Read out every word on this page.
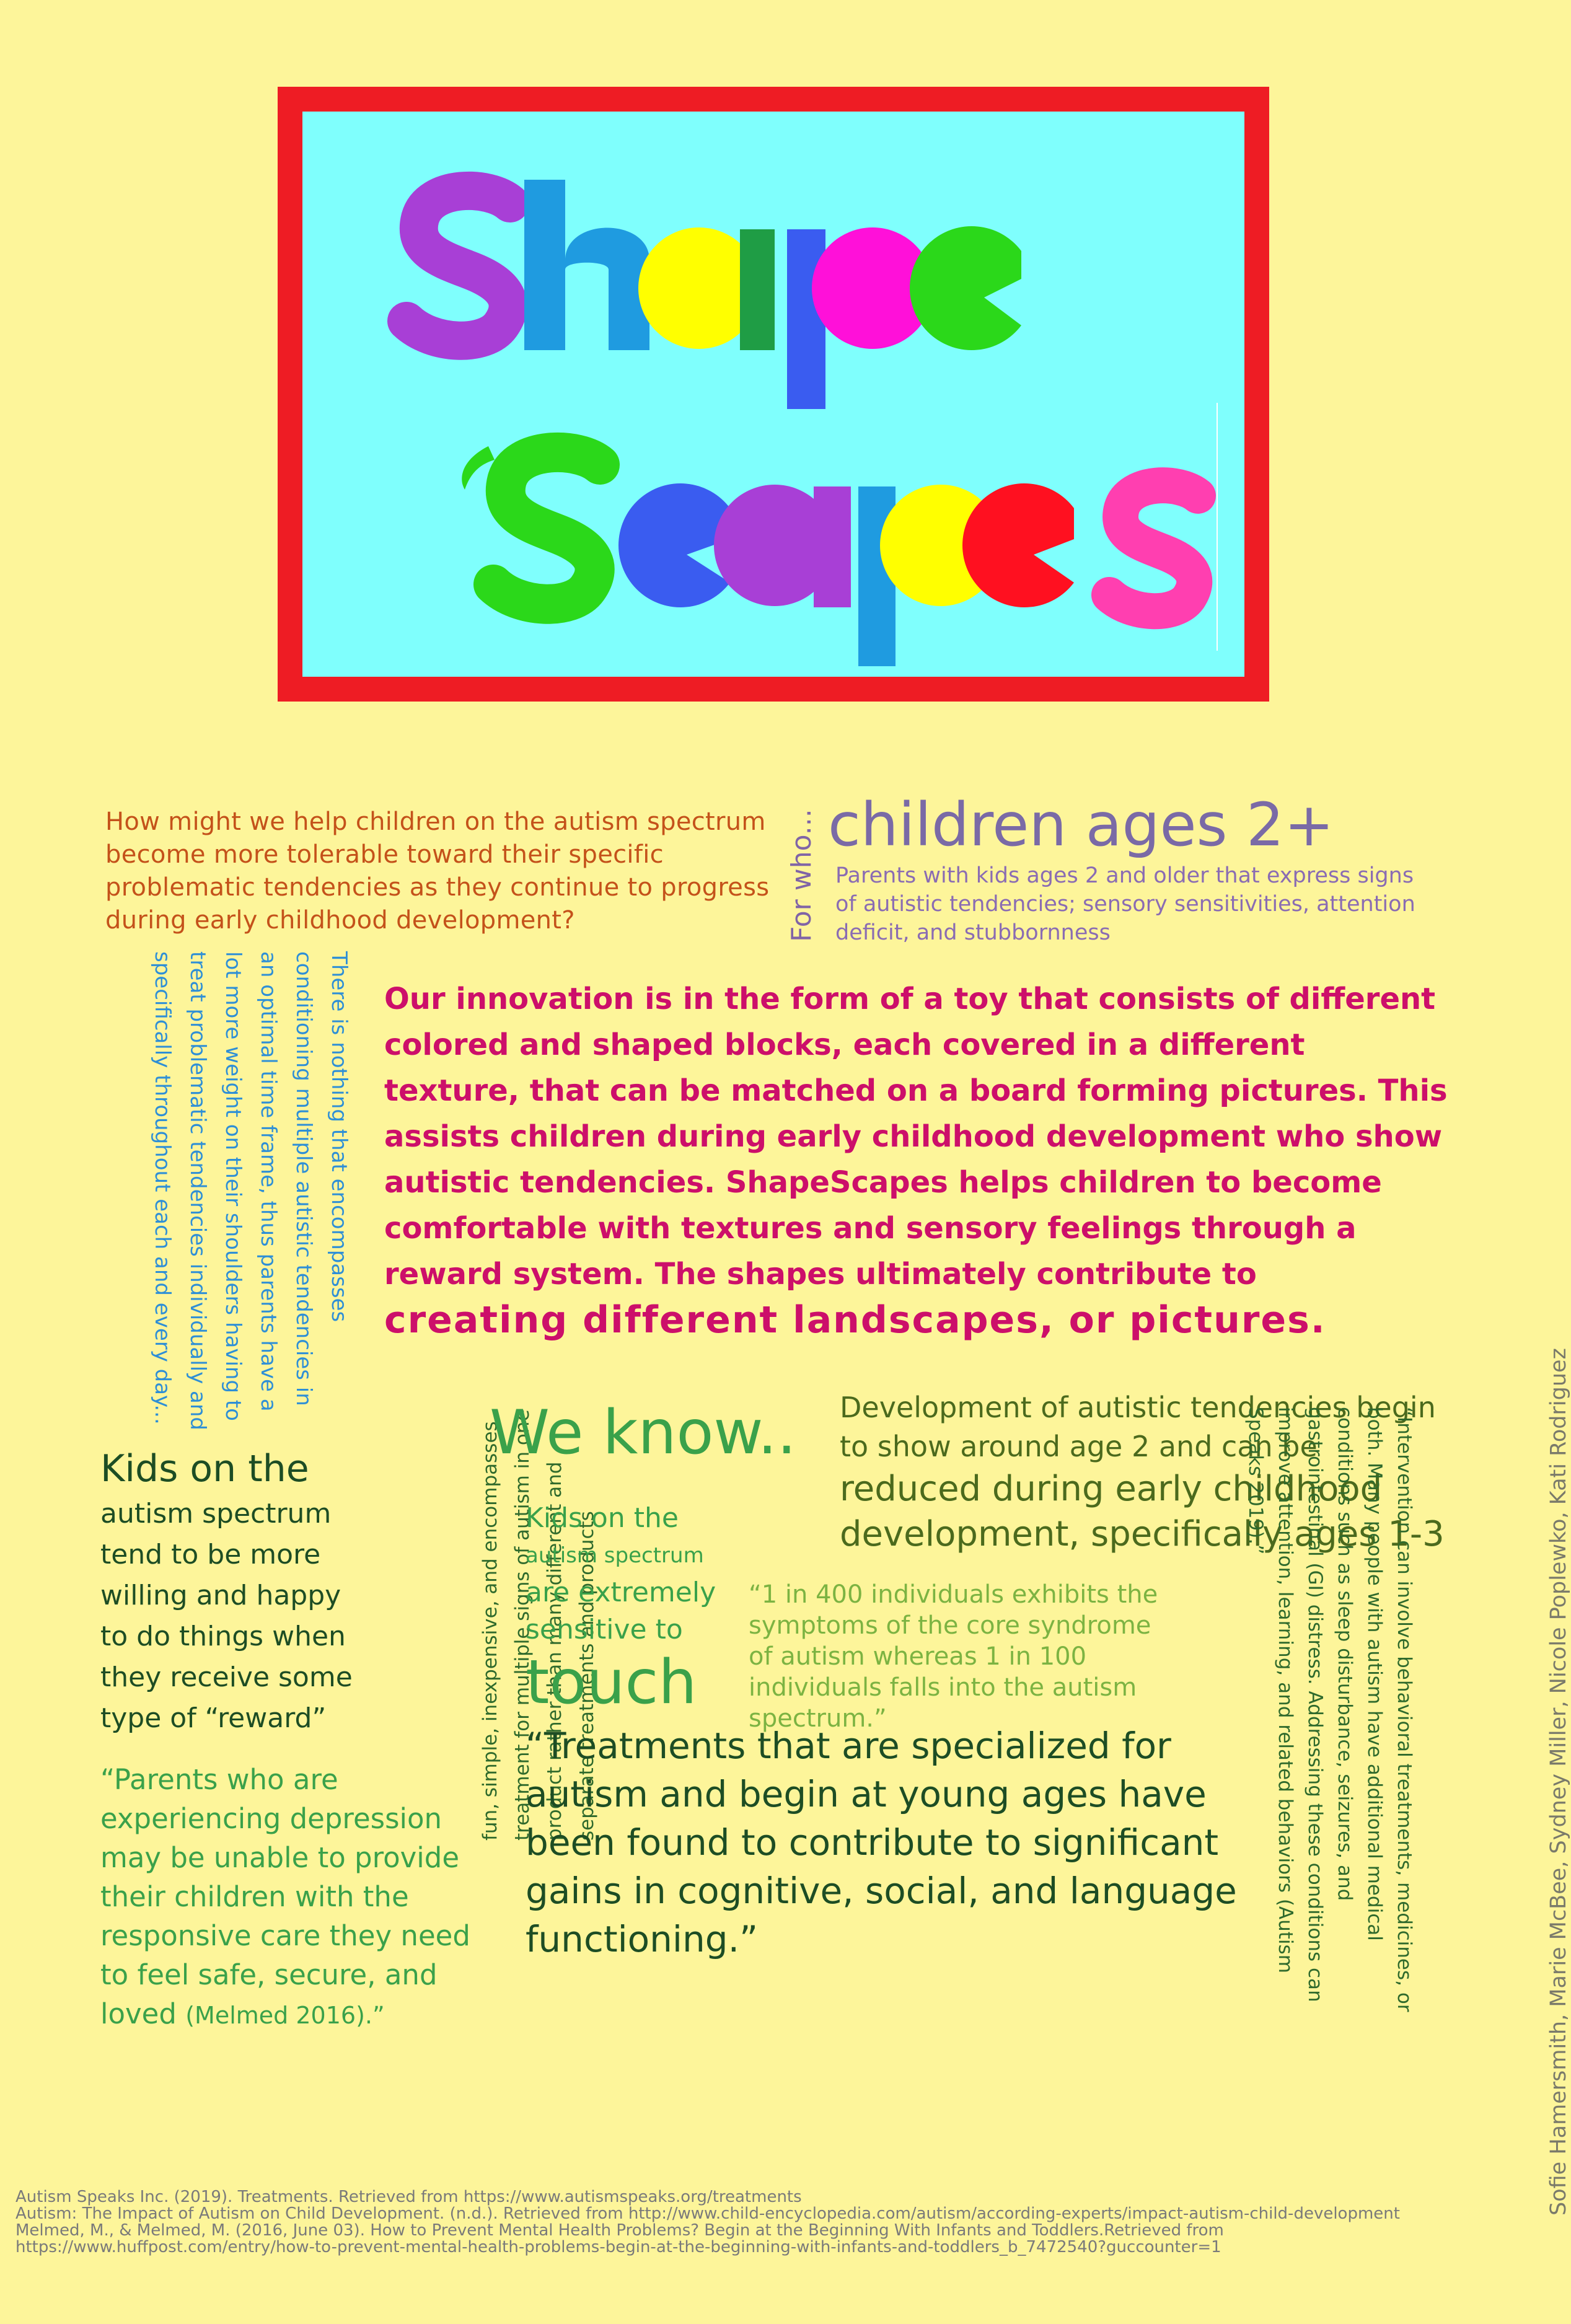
How might we help children on the autism spectrum become more tolerable toward their specific problematic tendencies as they continue to progress during early childhood development?	For who... children ages 2+
Parents with kids ages 2 and older that express signs of autistic tendencies; sensory sensitivities, attention deficit, and stubbornness
Our innovation is in the form of a toy that consists of different colored and shaped blocks, each covered in a different texture, that can be matched on a board forming pictures. This assists children during early childhood development who show autistic tendencies. ShapeScapes helps children to become comfortable with textures and sensory feelings through a reward system. The shapes ultimately contribute to creating different landscapes, or pictures.
There is nothing that encompasses conditioning multiple autistic tendencies in an optimal time frame, thus parents have a lot more weight on their shoulders having to treat problematic tendencies individually and specifically throughout each and every day...
Kids on the
autism spectrum tend to be more willing and happy to do things when they receive some type of “reward”
“Parents who are experiencing depression may be unable to provide their children with the responsive care they need to feel safe, secure, and loved (Melmed 2016).”
fun, simple, inexpensive, and encompasses treatment for multiple signs of autism in one product rather than many different and separate treatments and products
We know.. Development of autistic tendencies begin to show around age 2 and can be reduced during early childhood development, specifically ages 1-3
Kids on the
autism spectrum
are extremely sensitive to
touch
“1 in 400 individuals exhibits the symptoms of the core syndrome of autism whereas 1 in 100 individuals falls into the autism spectrum.”
“Treatments that are specialized for autism and begin at young ages have been found to contribute to significant gains in cognitive, social, and language functioning.”	“Intervention can involve behavioral treatments, medicines, or both. Many people with autism have additional medical conditions such as sleep disturbance, seizures, and gastrointestinal (GI) distress. Addressing these conditions can improve attention, learning, and related behaviors (Autism Speaks 2019).”	Sofie Hamersmith, Marie McBee, Sydney Miller, Nicole Poplewko, Kati Rodriguez
Autism Speaks Inc. (2019). Treatments. Retrieved from https://www.autismspeaks.org/treatments
Autism: The Impact of Autism on Child Development. (n.d.). Retrieved from http://www.child-encyclopedia.com/autism/according-experts/impact-autism-child-development
Melmed, M., & Melmed, M. (2016, June 03). How to Prevent Mental Health Problems? Begin at the Beginning With Infants and Toddlers.Retrieved from
https://www.huffpost.com/entry/how-to-prevent-mental-health-problems-begin-at-the-beginning-with-infants-and-toddlers_b_7472540?guccounter=1
